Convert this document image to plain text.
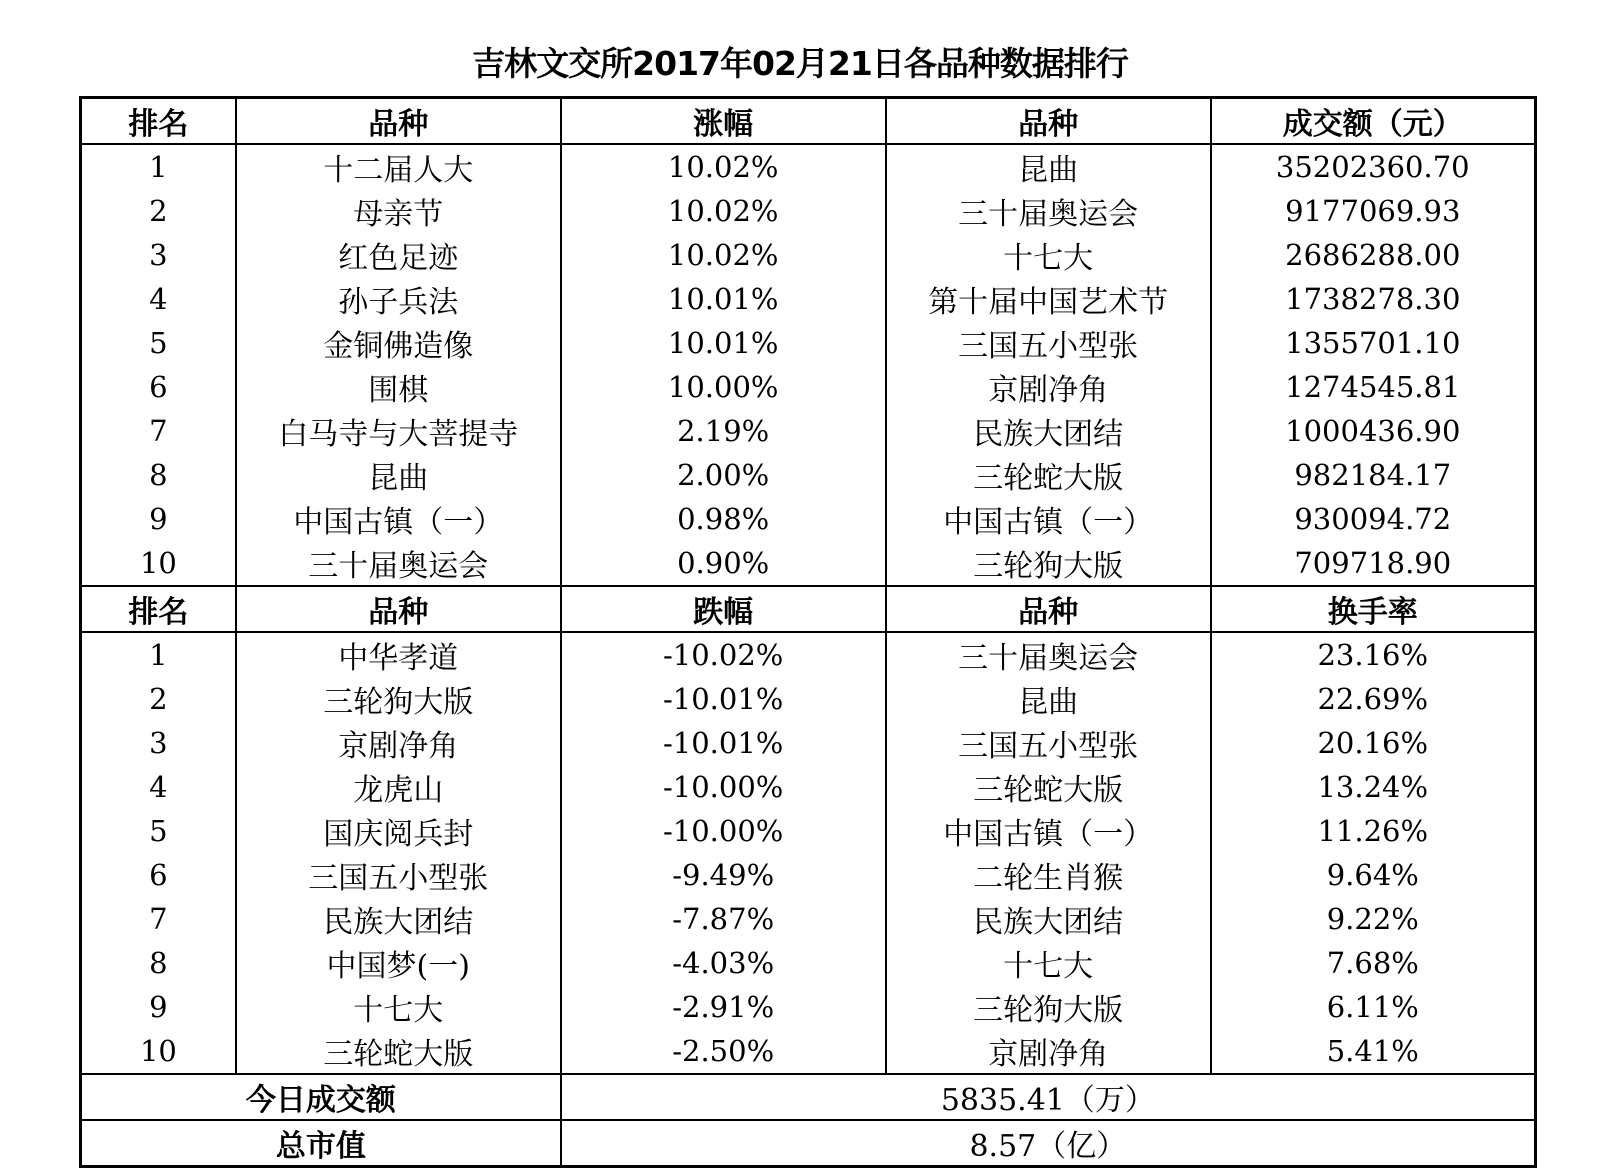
吉林文交所2017年02月21日各品种数据排行
排名	品种	涨幅	品种	成交额（元）
1	十二届人大	10.02%	昆曲	35202360.70
2	母亲节	10.02%	三十届奥运会	9177069.93
3	红色足迹	10.02%	十七大	2686288.00
4	孙子兵法	10.01%	第十届中国艺术节	1738278.30
5	金铜佛造像	10.01%	三国五小型张	1355701.10
6	围棋	10.00%	京剧净角	1274545.81
7	白马寺与大菩提寺	2.19%	民族大团结	1000436.90
8	昆曲	2.00%	三轮蛇大版	982184.17
9	中国古镇（一）	0.98%	中国古镇（一）	930094.72
10	三十届奥运会	0.90%	三轮狗大版	709718.90
排名	品种	跌幅	品种	换手率
1	中华孝道	-10.02%	三十届奥运会	23.16%
2	三轮狗大版	-10.01%	昆曲	22.69%
3	京剧净角	-10.01%	三国五小型张	20.16%
4	龙虎山	-10.00%	三轮蛇大版	13.24%
5	国庆阅兵封	-10.00%	中国古镇（一）	11.26%
6	三国五小型张	-9.49%	二轮生肖猴	9.64%
7	民族大团结	-7.87%	民族大团结	9.22%
8	中国梦(一)	-4.03%	十七大	7.68%
9	十七大	-2.91%	三轮狗大版	6.11%
10	三轮蛇大版	-2.50%	京剧净角	5.41%
今日成交额		5835.41（万）		
总市值		8.57（亿）		
